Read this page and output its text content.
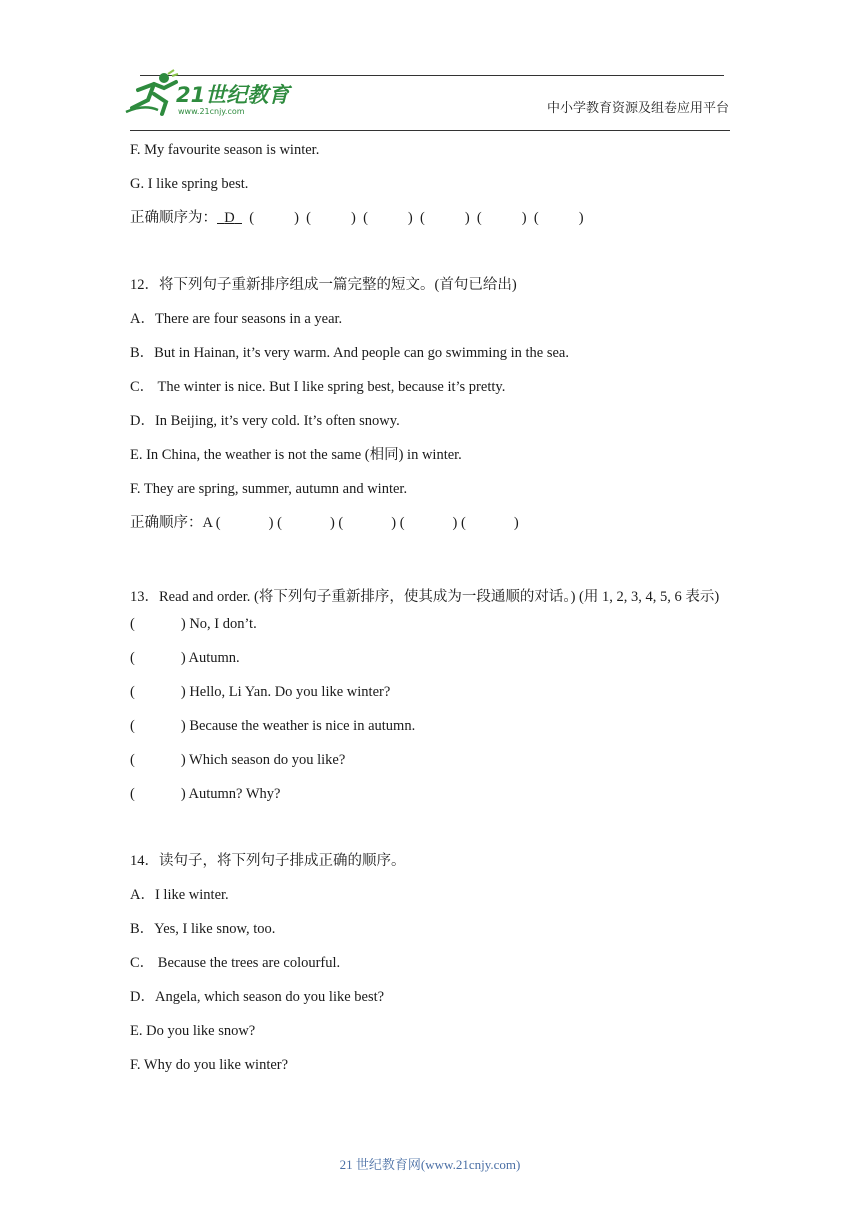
21世纪教育
www.21cnjy.com	中小学教育资源及组卷应用平台
F. My favourite season is winter.
G. I like spring best.
正确顺序为： D    (	)  (	)  (	)  (	)  (	)  (	)
12．将下列句子重新排序组成一篇完整的短文。(首句已给出)
A．There are four seasons in a year.
B．But in Hainan, it’s very warm. And people can go swimming in the sea.
C． The winter is nice. But I like spring best, because it’s pretty.
D．In Beijing, it’s very cold. It’s often snowy.
E. In China, the weather is not the same (相同) in winter.
F. They are spring, summer, autumn and winter.
正确顺序：A (	) (	) (	) (	) (	)
13．Read and order. (将下列句子重新排序，使其成为一段通顺的对话。) (用 1, 2, 3, 4, 5, 6 表示)
(	) No, I don’t.
(	) Autumn.
(	) Hello, Li Yan. Do you like winter?
(	) Because the weather is nice in autumn.
(	) Which season do you like?
(	) Autumn? Why?
14．读句子，将下列句子排成正确的顺序。
A．I like winter.
B．Yes, I like snow, too.
C． Because the trees are colourful.
D．Angela, which season do you like best?
E. Do you like snow?
F. Why do you like winter?
21 世纪教育网(www.21cnjy.com)
